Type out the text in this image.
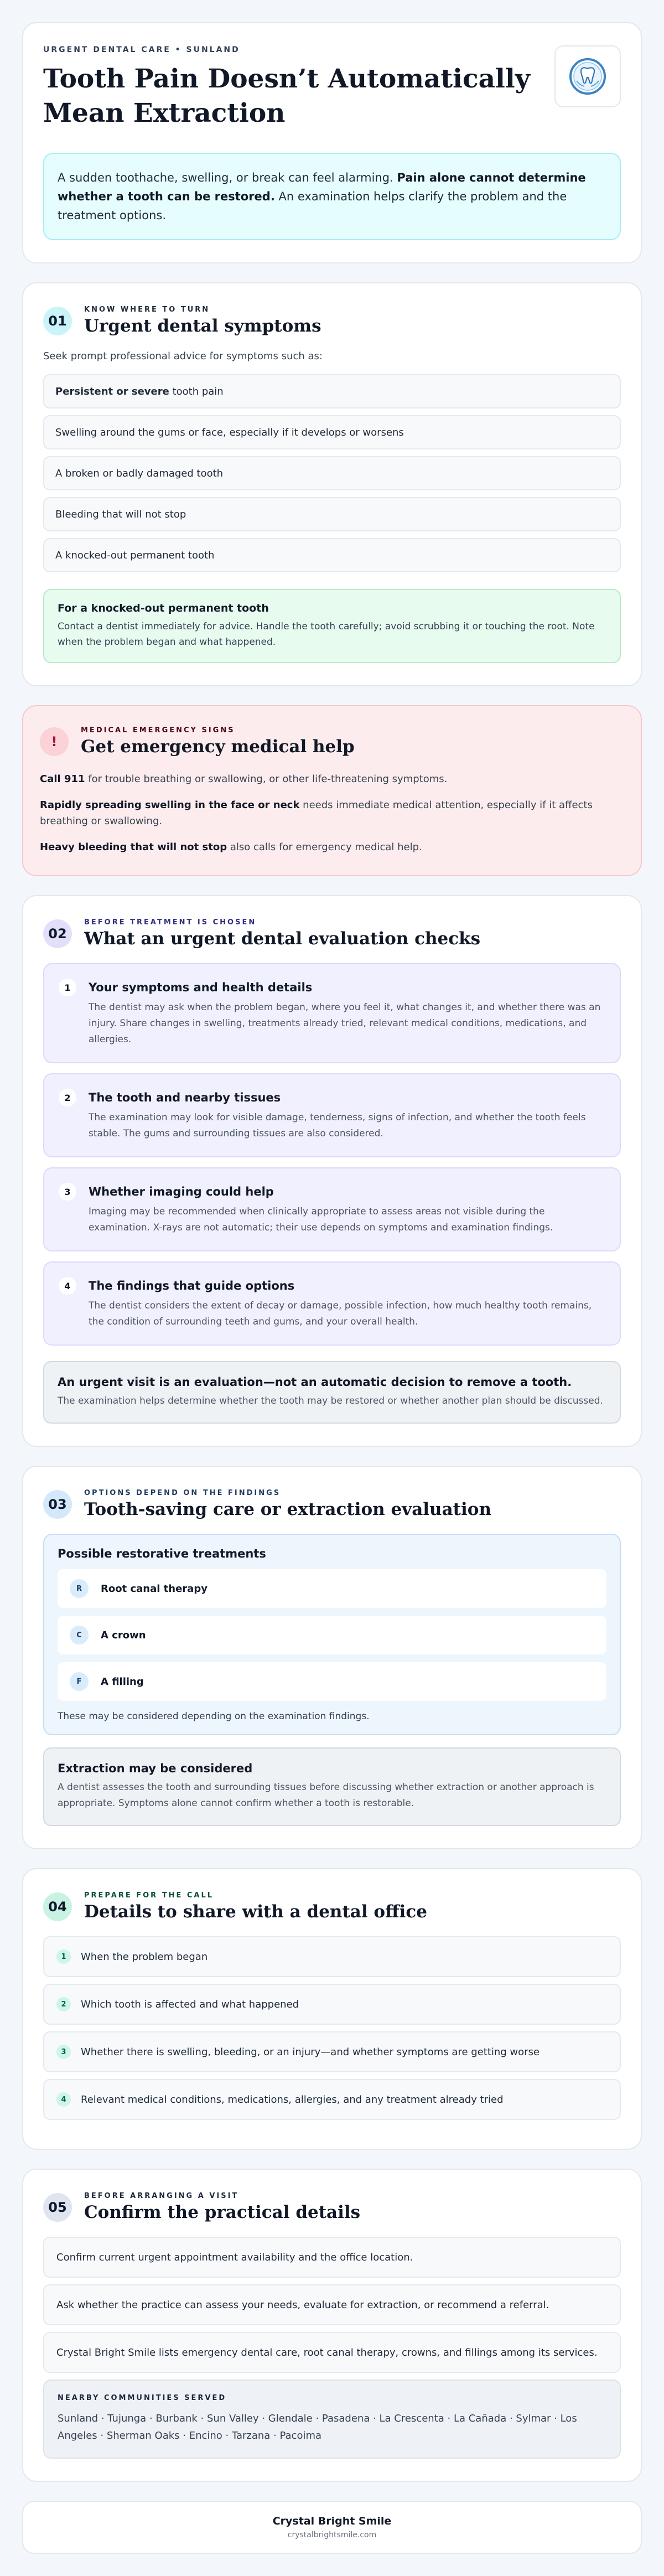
URGENT DENTAL CARE • SUNLAND
Tooth Pain Doesn’t Automatically Mean Extraction
A sudden toothache, swelling, or break can feel alarming. Pain alone cannot determine whether a tooth can be restored. An examination helps clarify the problem and the treatment options.
01
KNOW WHERE TO TURN
Urgent dental symptoms

Seek prompt professional advice for symptoms such as:

Persistent or severe tooth pain
Swelling around the gums or face, especially if it develops or worsens
A broken or badly damaged tooth
Bleeding that will not stop
A knocked-out permanent tooth
For a knocked-out permanent tooth
Contact a dentist immediately for advice. Handle the tooth carefully; avoid scrubbing it or touching the root. Note when the problem began and what happened.
!
MEDICAL EMERGENCY SIGNS
Get emergency medical help

Call 911 for trouble breathing or swallowing, or other life-threatening symptoms.

Rapidly spreading swelling in the face or neck needs immediate medical attention, especially if it affects breathing or swallowing.

Heavy bleeding that will not stop also calls for emergency medical help.

02
BEFORE TREATMENT IS CHOSEN
What an urgent dental evaluation checks
1	Your symptoms and health details
The dentist may ask when the problem began, where you feel it, what changes it, and whether there was an injury. Share changes in swelling, treatments already tried, relevant medical conditions, medications, and allergies.
2	The tooth and nearby tissues
The examination may look for visible damage, tenderness, signs of infection, and whether the tooth feels stable. The gums and surrounding tissues are also considered.
3	Whether imaging could help
Imaging may be recommended when clinically appropriate to assess areas not visible during the examination. X-rays are not automatic; their use depends on symptoms and examination findings.
4	The findings that guide options
The dentist considers the extent of decay or damage, possible infection, how much healthy tooth remains, the condition of surrounding teeth and gums, and your overall health.
An urgent visit is an evaluation—not an automatic decision to remove a tooth.
The examination helps determine whether the tooth may be restored or whether another plan should be discussed.
03
OPTIONS DEPEND ON THE FINDINGS
Tooth-saving care or extraction evaluation
Possible restorative treatments
R	Root canal therapy
C	A crown
F	A filling
These may be considered depending on the examination findings.
Extraction may be considered
A dentist assesses the tooth and surrounding tissues before discussing whether extraction or another approach is appropriate. Symptoms alone cannot confirm whether a tooth is restorable.
04
PREPARE FOR THE CALL
Details to share with a dental office
1	When the problem began
2	Which tooth is affected and what happened
3	Whether there is swelling, bleeding, or an injury—and whether symptoms are getting worse
4	Relevant medical conditions, medications, allergies, and any treatment already tried
05
BEFORE ARRANGING A VISIT
Confirm the practical details
Confirm current urgent appointment availability and the office location.
Ask whether the practice can assess your needs, evaluate for extraction, or recommend a referral.
Crystal Bright Smile lists emergency dental care, root canal therapy, crowns, and fillings among its services.
NEARBY COMMUNITIES SERVED
Sunland · Tujunga · Burbank · Sun Valley · Glendale · Pasadena · La Crescenta · La Cañada · Sylmar · Los Angeles · Sherman Oaks · Encino · Tarzana · Pacoima
Crystal Bright Smile
crystalbrightsmile.com
